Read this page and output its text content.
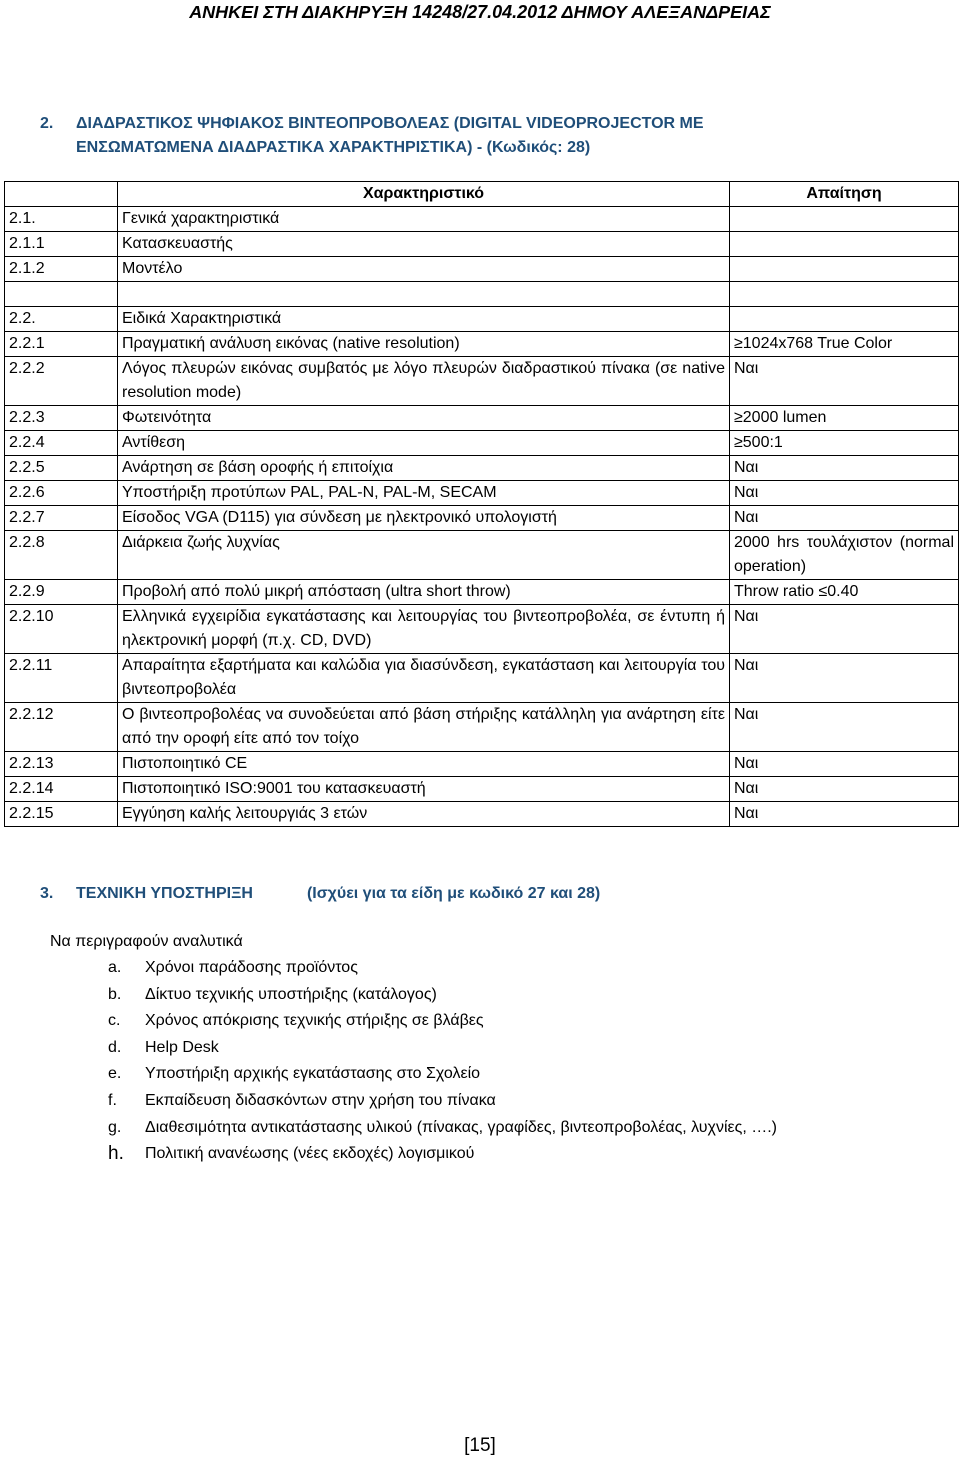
ΑΝΗΚΕΙ ΣΤΗ ΔΙΑΚΗΡΥΞΗ 14248/27.04.2012 ΔΗΜΟΥ ΑΛΕΞΑΝΔΡΕΙΑΣ
2. ΔΙΑΔΡΑΣΤΙΚΟΣ ΨΗΦΙΑΚΟΣ ΒΙΝΤΕΟΠΡΟΒΟΛΕΑΣ (DIGITAL VIDEOPROJECTOR ΜΕ
ΕΝΣΩΜΑΤΩΜΕΝΑ ΔΙΑΔΡΑΣΤΙΚΑ ΧΑΡΑΚΤΗΡΙΣΤΙΚΑ) - (Κωδικός: 28)
	Χαρακτηριστικό	Απαίτηση
2.1.	Γενικά χαρακτηριστικά	
2.1.1	Κατασκευαστής	
2.1.2	Μοντέλο	

2.2.	Ειδικά Χαρακτηριστικά	
2.2.1	Πραγματική ανάλυση εικόνας (native resolution)	≥1024x768 True Color
2.2.2	Λόγος πλευρών εικόνας συμβατός με λόγο πλευρών διαδραστικού πίνακα (σε native resolution mode)	Ναι
2.2.3	Φωτεινότητα	≥2000 lumen
2.2.4	Αντίθεση	≥500:1
2.2.5	Ανάρτηση σε βάση οροφής ή επιτοίχια	Ναι
2.2.6	Υποστήριξη προτύπων PAL, PAL-N, PAL-M, SECAM	Ναι
2.2.7	Είσοδος VGA (D115) για σύνδεση με ηλεκτρονικό υπολογιστή	Ναι
2.2.8	Διάρκεια ζωής λυχνίας	2000 hrs τουλάχιστον (normal operation)
2.2.9	Προβολή από πολύ μικρή απόσταση (ultra short throw)	Throw ratio ≤0.40
2.2.10	Ελληνικά εγχειρίδια εγκατάστασης και λειτουργίας του βιντεοπροβολέα, σε έντυπη ή ηλεκτρονική μορφή (π.χ. CD, DVD)	Ναι
2.2.11	Απαραίτητα εξαρτήματα και καλώδια για διασύνδεση, εγκατάσταση και λειτουργία του βιντεοπροβολέα	Ναι
2.2.12	Ο βιντεοπροβολέας να συνοδεύεται από βάση στήριξης κατάλληλη για ανάρτηση είτε από την οροφή είτε από τον τοίχο	Ναι
2.2.13	Πιστοποιητικό CE	Ναι
2.2.14	Πιστοποιητικό ISO:9001 του κατασκευαστή	Ναι
2.2.15	Εγγύηση καλής λειτουργιάς 3 ετών	Ναι
3. ΤΕΧΝΙΚΗ ΥΠΟΣΤΗΡΙΞΗ	(Ισχύει για τα είδη με κωδικό 27 και 28)
Να περιγραφούν αναλυτικά
a. Χρόνοι παράδοσης προϊόντος
b. Δίκτυο τεχνικής υποστήριξης (κατάλογος)
c. Χρόνος απόκρισης τεχνικής στήριξης σε βλάβες
d. Help Desk
e. Υποστήριξη αρχικής εγκατάστασης στο Σχολείο
f. Εκπαίδευση διδασκόντων στην χρήση του πίνακα
g. Διαθεσιμότητα αντικατάστασης υλικού (πίνακας, γραφίδες, βιντεοπροβολέας, λυχνίες, ….)
h. Πολιτική ανανέωσης (νέες εκδοχές) λογισμικού
[15]
